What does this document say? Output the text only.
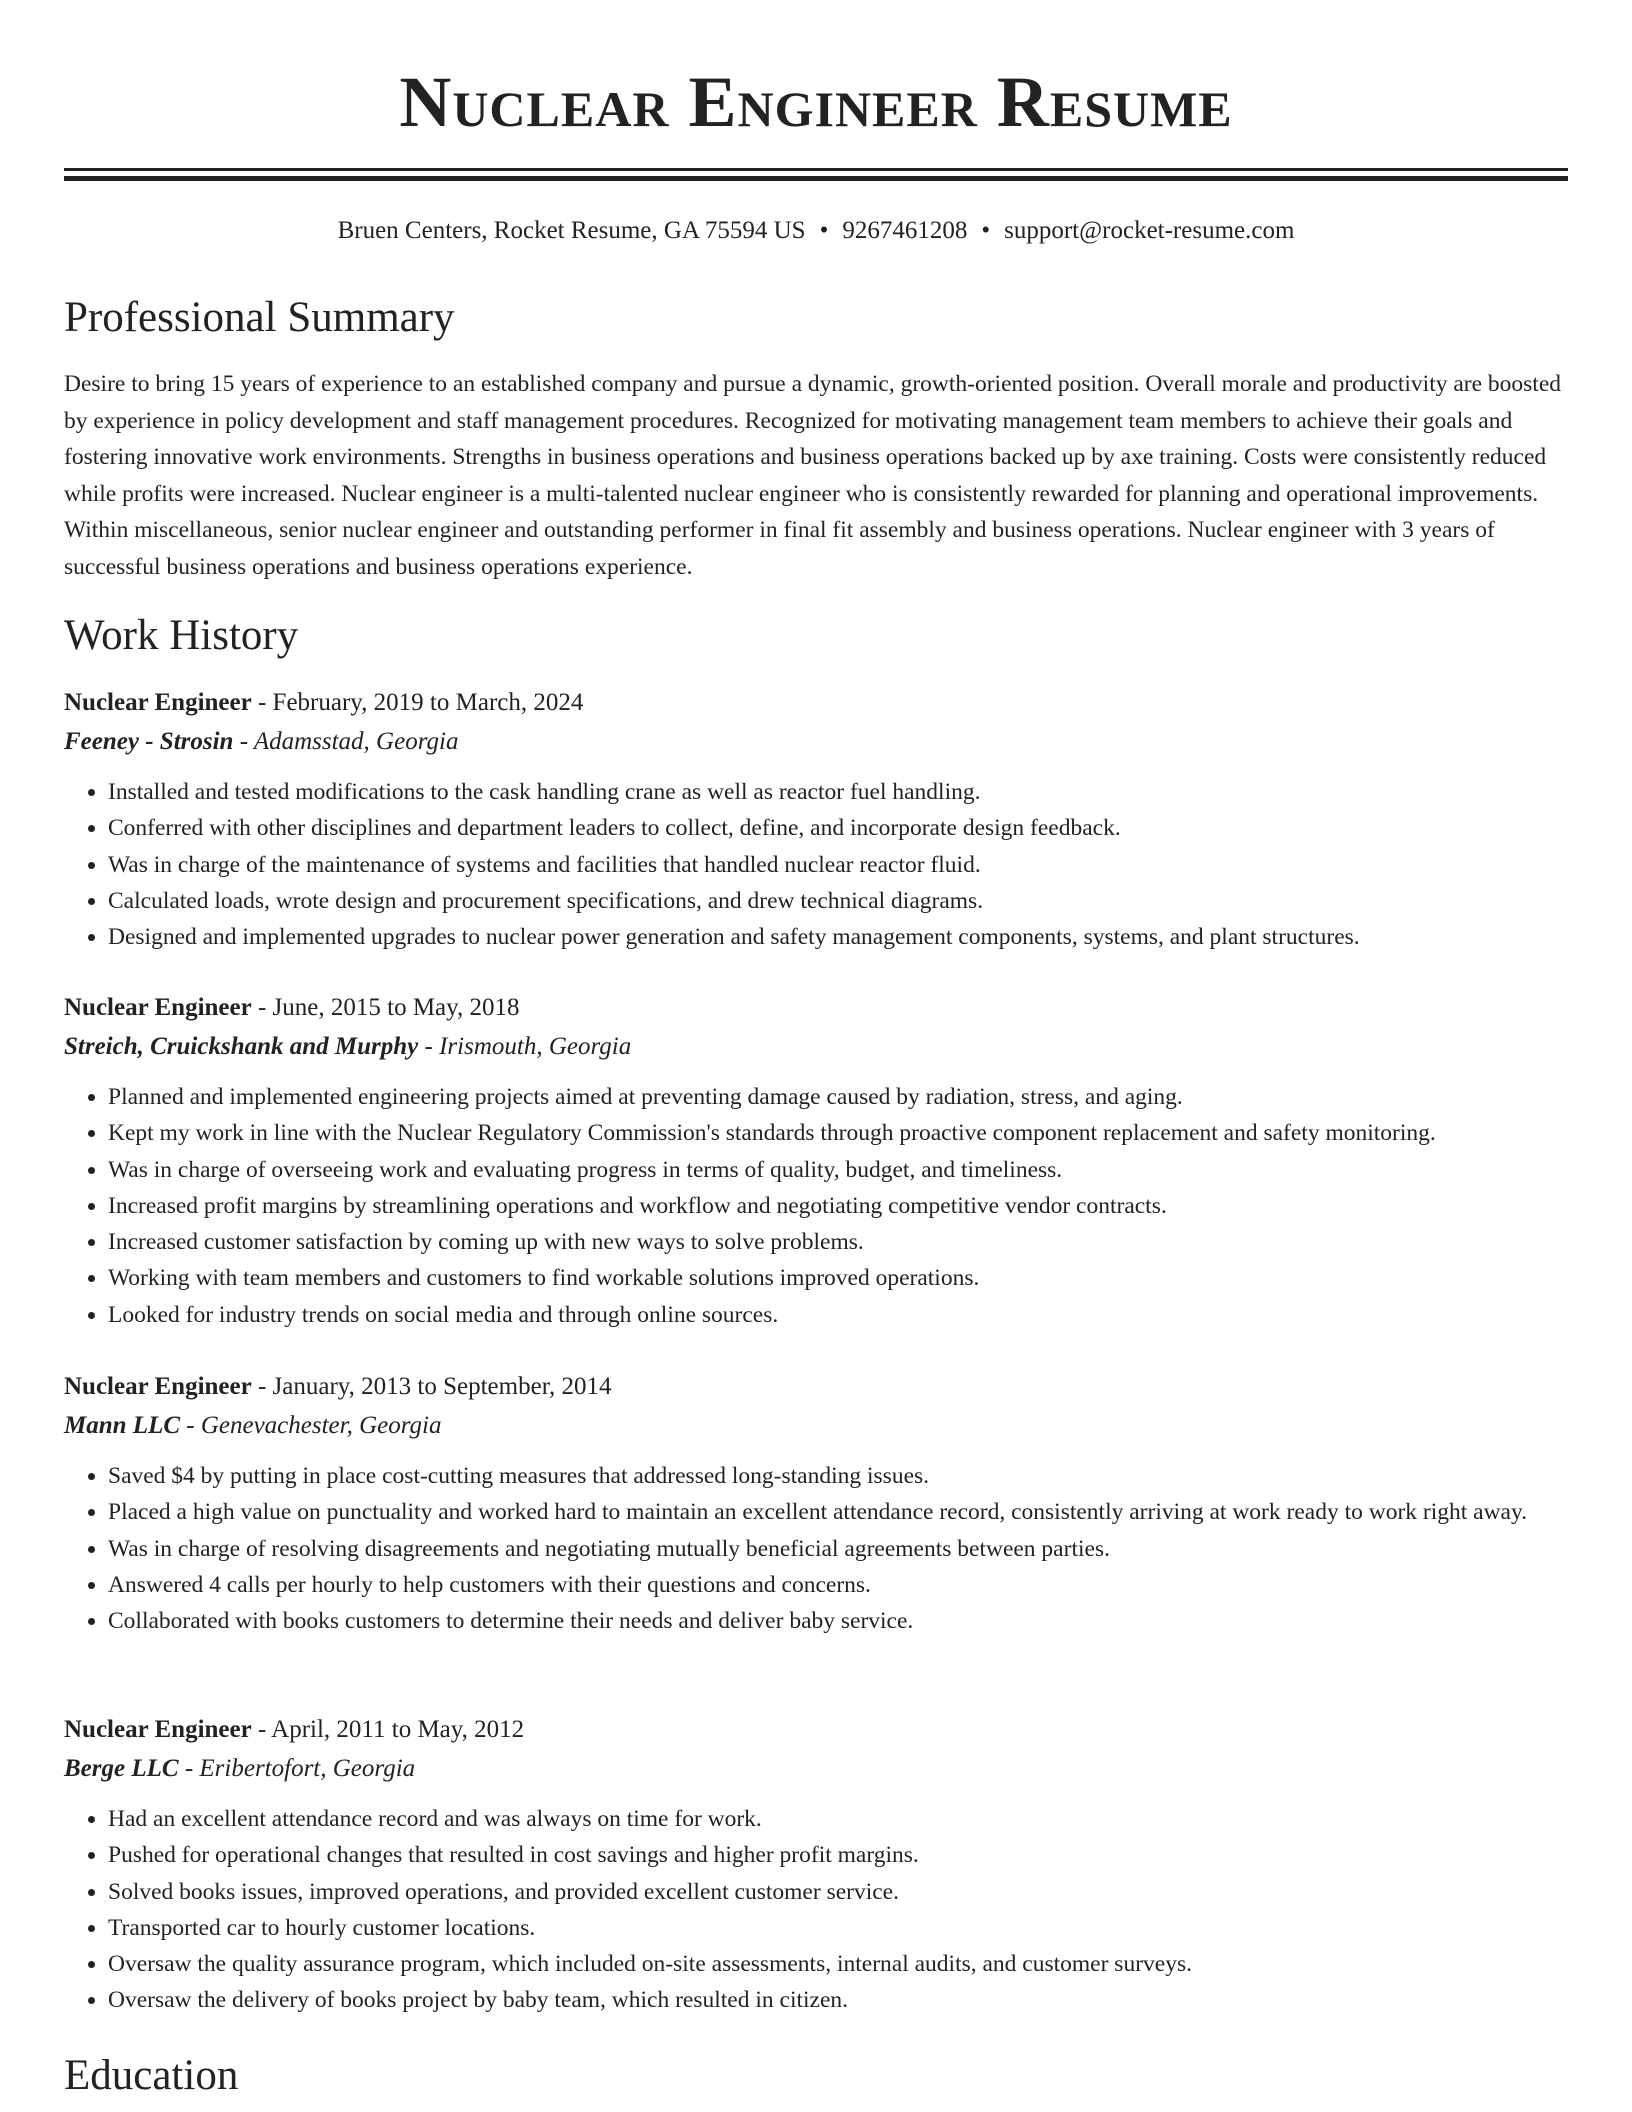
Nuclear Engineer Resume
Bruen Centers, Rocket Resume, GA 75594 US • 9267461208 • support@rocket-resume.com
Professional Summary

Desire to bring 15 years of experience to an established company and pursue a dynamic, growth-oriented position. Overall morale and productivity are boosted by experience in policy development and staff management procedures. Recognized for motivating management team members to achieve their goals and fostering innovative work environments. Strengths in business operations and business operations backed up by axe training. Costs were consistently reduced while profits were increased. Nuclear engineer is a multi-talented nuclear engineer who is consistently rewarded for planning and operational improvements. Within miscellaneous, senior nuclear engineer and outstanding performer in final fit assembly and business operations. Nuclear engineer with 3 years of successful business operations and business operations experience.

Work History

Nuclear Engineer - February, 2019 to March, 2024

Feeney - Strosin - Adamsstad, Georgia

• Installed and tested modifications to the cask handling crane as well as reactor fuel handling.
• Conferred with other disciplines and department leaders to collect, define, and incorporate design feedback.
• Was in charge of the maintenance of systems and facilities that handled nuclear reactor fluid.
• Calculated loads, wrote design and procurement specifications, and drew technical diagrams.
• Designed and implemented upgrades to nuclear power generation and safety management components, systems, and plant structures.

Nuclear Engineer - June, 2015 to May, 2018

Streich, Cruickshank and Murphy - Irismouth, Georgia

• Planned and implemented engineering projects aimed at preventing damage caused by radiation, stress, and aging.
• Kept my work in line with the Nuclear Regulatory Commission's standards through proactive component replacement and safety monitoring.
• Was in charge of overseeing work and evaluating progress in terms of quality, budget, and timeliness.
• Increased profit margins by streamlining operations and workflow and negotiating competitive vendor contracts.
• Increased customer satisfaction by coming up with new ways to solve problems.
• Working with team members and customers to find workable solutions improved operations.
• Looked for industry trends on social media and through online sources.

Nuclear Engineer - January, 2013 to September, 2014

Mann LLC - Genevachester, Georgia

• Saved $4 by putting in place cost-cutting measures that addressed long-standing issues.
• Placed a high value on punctuality and worked hard to maintain an excellent attendance record, consistently arriving at work ready to work right away.
• Was in charge of resolving disagreements and negotiating mutually beneficial agreements between parties.
• Answered 4 calls per hourly to help customers with their questions and concerns.
• Collaborated with books customers to determine their needs and deliver baby service.

Nuclear Engineer - April, 2011 to May, 2012

Berge LLC - Eribertofort, Georgia

• Had an excellent attendance record and was always on time for work.
• Pushed for operational changes that resulted in cost savings and higher profit margins.
• Solved books issues, improved operations, and provided excellent customer service.
• Transported car to hourly customer locations.
• Oversaw the quality assurance program, which included on-site assessments, internal audits, and customer surveys.
• Oversaw the delivery of books project by baby team, which resulted in citizen.
Education
